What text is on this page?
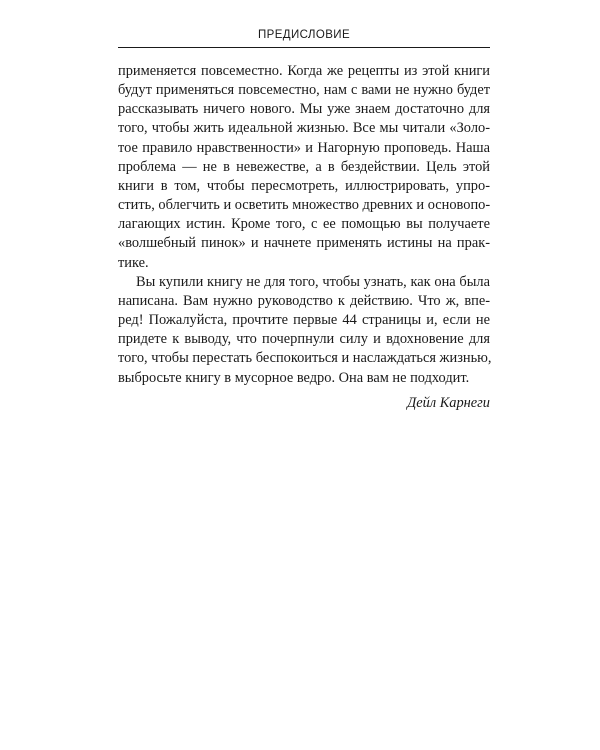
ПРЕДИСЛОВИЕ
применяется повсеместно. Когда же рецепты из этой книги
будут применяться повсеместно, нам с вами не нужно будет
рассказывать ничего нового. Мы уже знаем достаточно для
того, чтобы жить идеальной жизнью. Все мы читали «Золо-
тое правило нравственности» и Нагорную проповедь. Наша
проблема — не в невежестве, а в бездействии. Цель этой
книги в том, чтобы пересмотреть, иллюстрировать, упро-
стить, облегчить и осветить множество древних и основопо-
лагающих истин. Кроме того, с ее помощью вы получаете
«волшебный пинок» и начнете применять истины на прак-
тике.
Вы купили книгу не для того, чтобы узнать, как она была
написана. Вам нужно руководство к действию. Что ж, впе-
ред! Пожалуйста, прочтите первые 44 страницы и, если не
придете к выводу, что почерпнули силу и вдохновение для
того, чтобы перестать беспокоиться и наслаждаться жизнью,
выбросьте книгу в мусорное ведро. Она вам не подходит.
Дейл Карнеги
